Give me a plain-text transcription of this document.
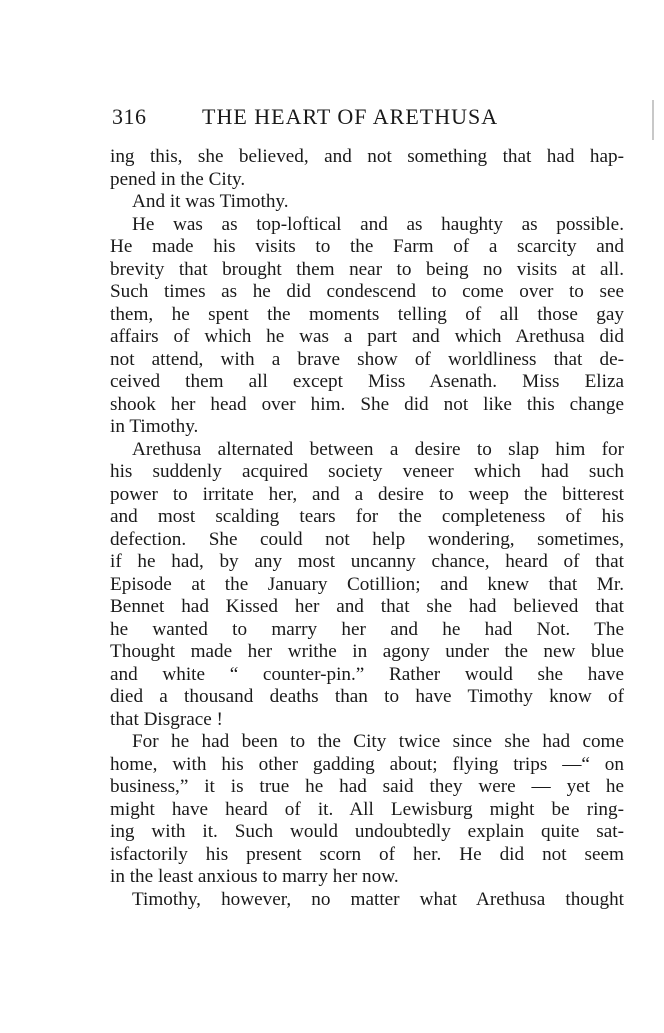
316	THE HEART OF ARETHUSA
ing this, she believed, and not something that had hap-
pened in the City.
And it was Timothy.
He was as top-loftical and as haughty as possible.
He made his visits to the Farm of a scarcity and
brevity that brought them near to being no visits at all.
Such times as he did condescend to come over to see
them, he spent the moments telling of all those gay
affairs of which he was a part and which Arethusa did
not attend, with a brave show of worldliness that de-
ceived them all except Miss Asenath. Miss Eliza
shook her head over him. She did not like this change
in Timothy.
Arethusa alternated between a desire to slap him for
his suddenly acquired society veneer which had such
power to irritate her, and a desire to weep the bitterest
and most scalding tears for the completeness of his
defection. She could not help wondering, sometimes,
if he had, by any most uncanny chance, heard of that
Episode at the January Cotillion; and knew that Mr.
Bennet had Kissed her and that she had believed that
he wanted to marry her and he had Not. The
Thought made her writhe in agony under the new blue
and white “ counter-pin.” Rather would she have
died a thousand deaths than to have Timothy know of
that Disgrace !
For he had been to the City twice since she had come
home, with his other gadding about; flying trips —“ on
business,” it is true he had said they were — yet he
might have heard of it. All Lewisburg might be ring-
ing with it. Such would undoubtedly explain quite sat-
isfactorily his present scorn of her. He did not seem
in the least anxious to marry her now.
Timothy, however, no matter what Arethusa thought
